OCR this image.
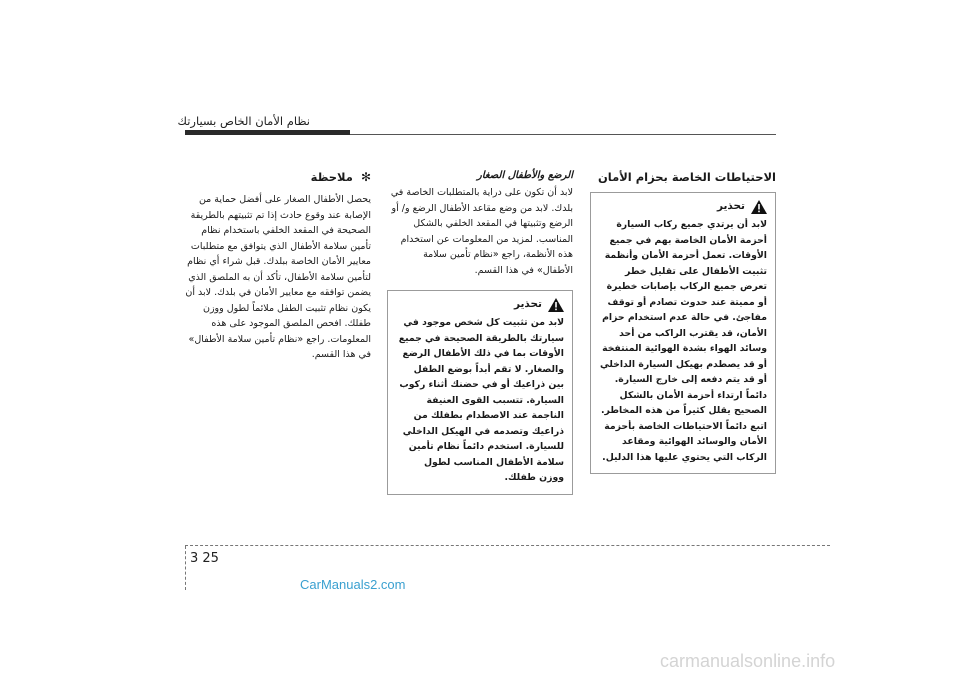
نظام الأمان الخاص بسيارتك
الاحتياطات الخاصة بحزام الأمان
تحذير

لابد أن يرتدي جميع ركاب السيارة أحزمة الأمان الخاصة بهم في جميع الأوقات. تعمل أحزمة الأمان وأنظمة تثبيت الأطفال على تقليل خطر تعرض جميع الركاب بإصابات خطيرة أو مميتة عند حدوث تصادم أو توقف مفاجئ. في حالة عدم استخدام حزام الأمان، قد يقترب الراكب من أحد وسائد الهواء بشدة الهوائية المنتفخة أو قد يصطدم بهيكل السيارة الداخلي أو قد يتم دفعه إلى خارج السيارة. دائماً ارتداء أحزمة الأمان بالشكل الصحيح يقلل كثيراً من هذه المخاطر. اتبع دائماً الاحتياطات الخاصة بأحزمة الأمان والوسائد الهوائية ومقاعد الركاب التي يحتوي عليها هذا الدليل.

الرضع والأطفال الصغار

لابد أن تكون على دراية بالمتطلبات الخاصة في بلدك. لابد من وضع مقاعد الأطفال الرضع و/ أو الرضع وتثبيتها في المقعد الخلفي بالشكل المناسب. لمزيد من المعلومات عن استخدام هذه الأنظمة، راجع «نظام تأمين سلامة الأطفال» في هذا القسم.

تحذير

لابد من تثبيت كل شخص موجود في سيارتك بالطريقة الصحيحة في جميع الأوقات بما في ذلك الأطفال الرضع والصغار. لا تقم أبداً بوضع الطفل بين ذراعيك أو في حضنك أثناء ركوب السيارة. تتسبب القوى العنيفة الناجمة عند الاصطدام بطفلك من ذراعيك وتصدمه في الهيكل الداخلي للسيارة. استخدم دائماً نظام تأمين سلامة الأطفال المناسب لطول ووزن طفلك.

✻ ملاحظة

يحصل الأطفال الصغار على أفضل حماية من الإصابة عند وقوع حادث إذا تم تثبيتهم بالطريقة الصحيحة في المقعد الخلفي باستخدام نظام تأمين سلامة الأطفال الذي يتوافق مع متطلبات معايير الأمان الخاصة ببلدك. قبل شراء أي نظام لتأمين سلامة الأطفال، تأكد أن به الملصق الذي يضمن توافقه مع معايير الأمان في بلدك. لابد أن يكون نظام تثبيت الطفل ملائماً لطول ووزن طفلك. افحص الملصق الموجود على هذه المعلومات. راجع «نظام تأمين سلامة الأطفال» في هذا القسم.

3 25
CarManuals2.com
carmanualsonline.info
